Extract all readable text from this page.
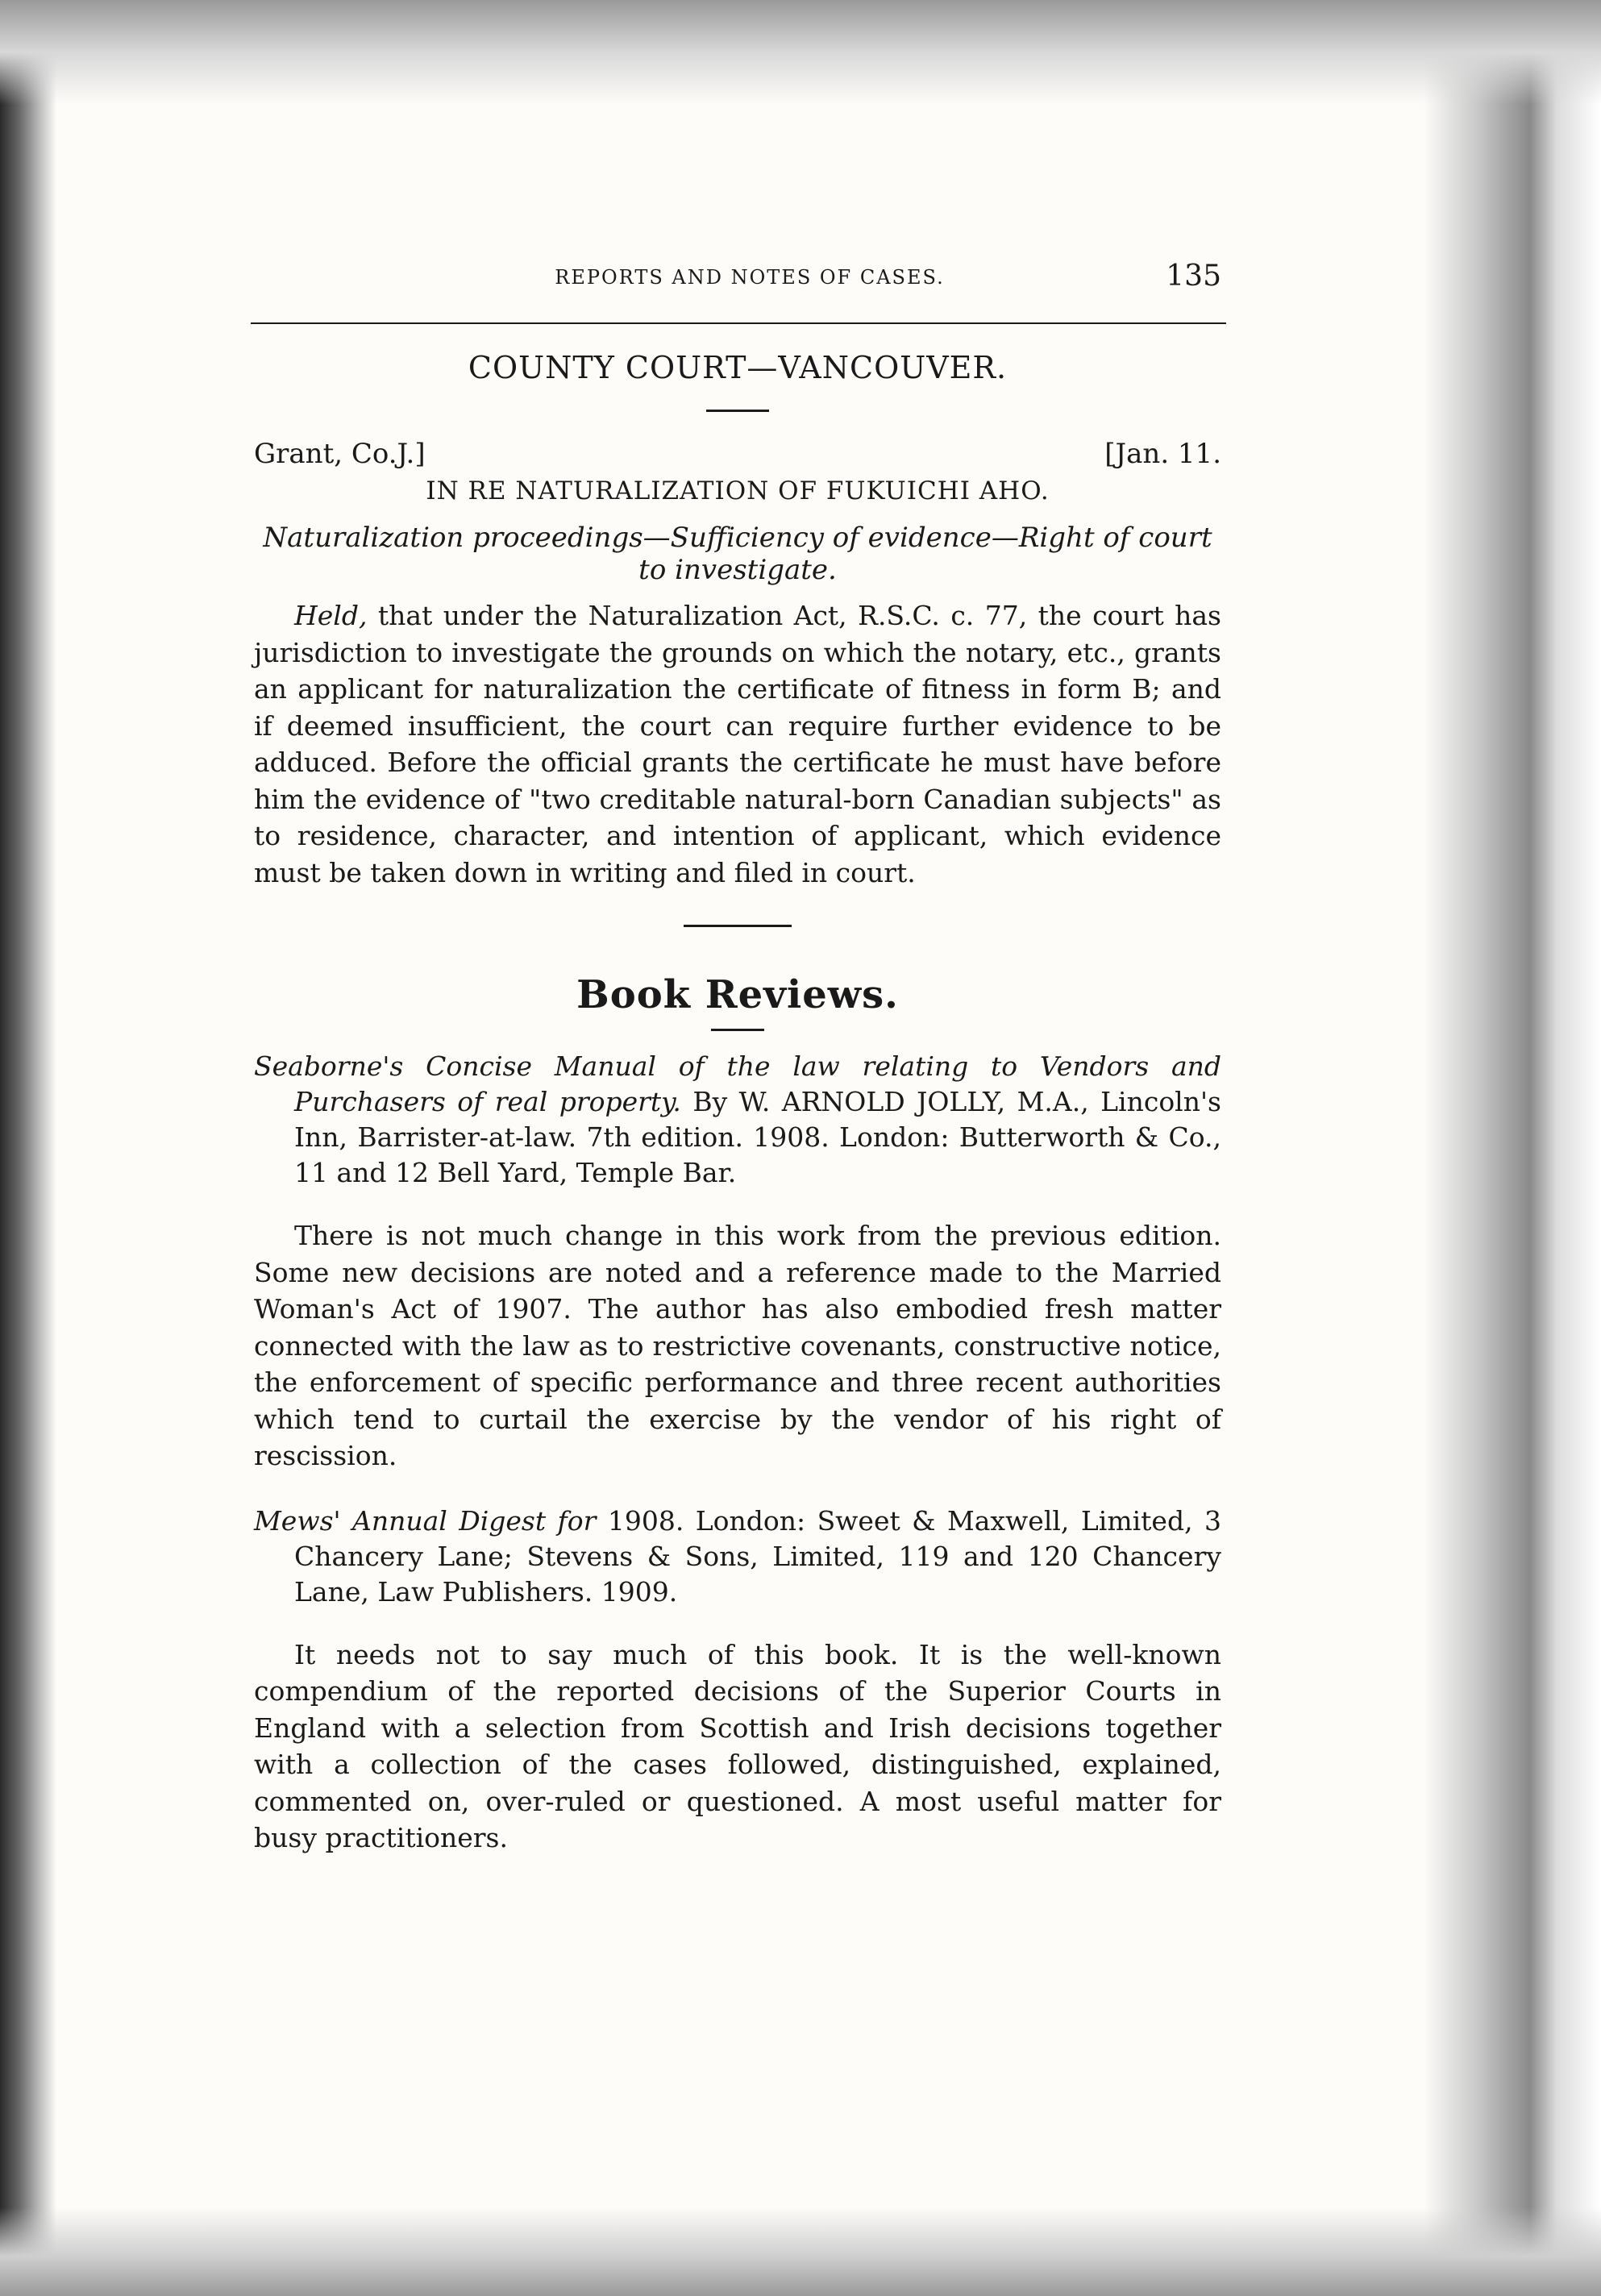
REPORTS AND NOTES OF CASES.	135
COUNTY COURT—VANCOUVER.
Grant, Co.J.]	[Jan. 11.
IN RE NATURALIZATION OF FUKUICHI AHO.
Naturalization proceedings—Sufficiency of evidence—Right of court to investigate.

Held, that under the Naturalization Act, R.S.C. c. 77, the court has jurisdiction to investigate the grounds on which the notary, etc., grants an applicant for naturalization the certificate of fitness in form B; and if deemed insufficient, the court can require further evidence to be adduced. Before the official grants the certificate he must have before him the evidence of "two creditable natural-born Canadian subjects" as to residence, character, and intention of applicant, which evidence must be taken down in writing and filed in court.

Book Reviews.

Seaborne's Concise Manual of the law relating to Vendors and Purchasers of real property. By W. ARNOLD JOLLY, M.A., Lincoln's Inn, Barrister-at-law. 7th edition. 1908. London: Butterworth & Co., 11 and 12 Bell Yard, Temple Bar.

There is not much change in this work from the previous edition. Some new decisions are noted and a reference made to the Married Woman's Act of 1907. The author has also embodied fresh matter connected with the law as to restrictive covenants, constructive notice, the enforcement of specific performance and three recent authorities which tend to curtail the exercise by the vendor of his right of rescission.

Mews' Annual Digest for 1908. London: Sweet & Maxwell, Limited, 3 Chancery Lane; Stevens & Sons, Limited, 119 and 120 Chancery Lane, Law Publishers. 1909.

It needs not to say much of this book. It is the well-known compendium of the reported decisions of the Superior Courts in England with a selection from Scottish and Irish decisions together with a collection of the cases followed, distinguished, explained, commented on, over-ruled or questioned. A most useful matter for busy practitioners.
